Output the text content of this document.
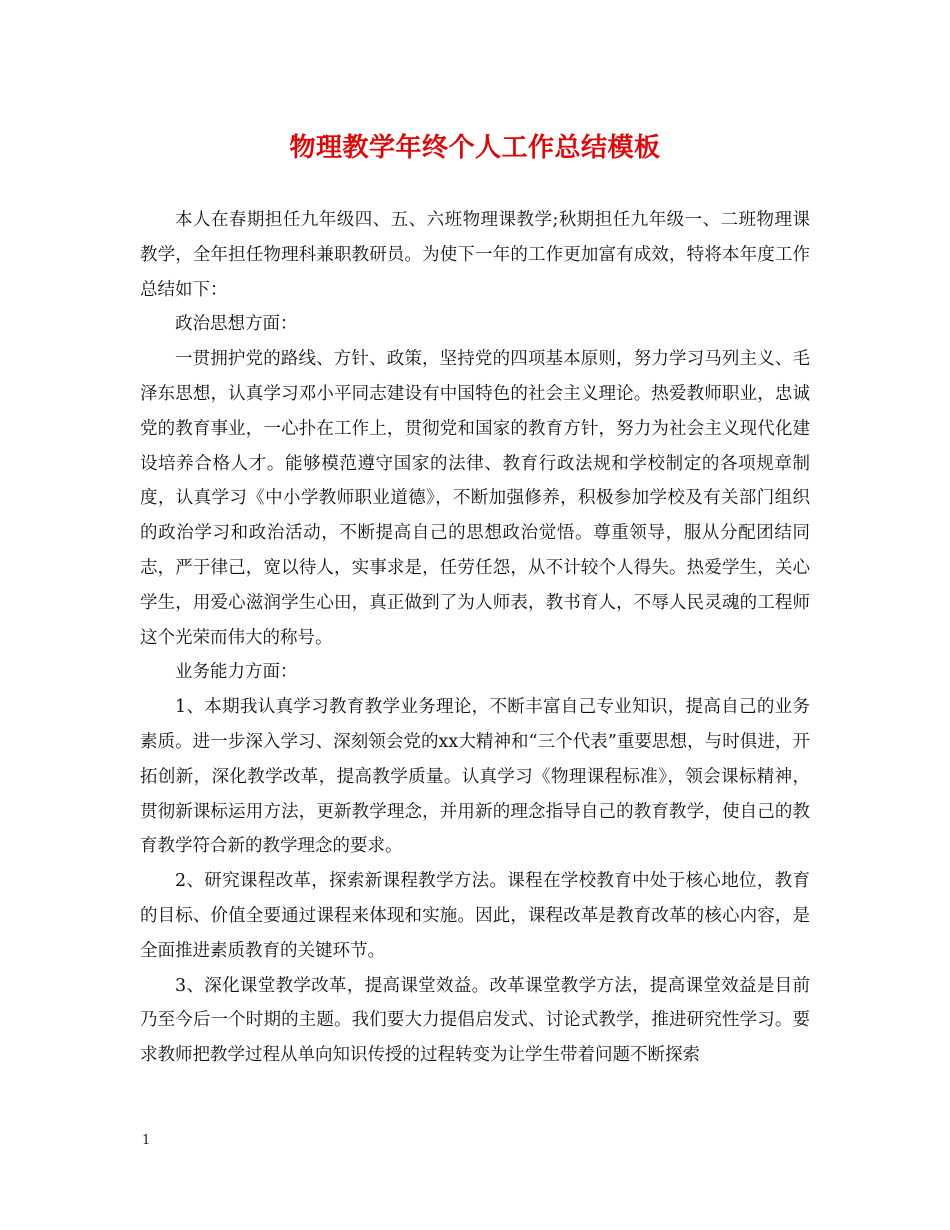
物理教学年终个人工作总结模板

本人在春期担任九年级四、五、六班物理课教学;秋期担任九年级一、二班物理课教学，全年担任物理科兼职教研员。为使下一年的工作更加富有成效，特将本年度工作总结如下：

政治思想方面：

一贯拥护党的路线、方针、政策，坚持党的四项基本原则，努力学习马列主义、毛泽东思想，认真学习邓小平同志建设有中国特色的社会主义理论。热爱教师职业，忠诚党的教育事业，一心扑在工作上，贯彻党和国家的教育方针，努力为社会主义现代化建设培养合格人才。能够模范遵守国家的法律、教育行政法规和学校制定的各项规章制度，认真学习《中小学教师职业道德》，不断加强修养，积极参加学校及有关部门组织的政治学习和政治活动，不断提高自己的思想政治觉悟。尊重领导，服从分配团结同志，严于律己，宽以待人，实事求是，任劳任怨，从不计较个人得失。热爱学生，关心学生，用爱心滋润学生心田，真正做到了为人师表，教书育人，不辱人民灵魂的工程师这个光荣而伟大的称号。

业务能力方面：

1、本期我认真学习教育教学业务理论，不断丰富自己专业知识，提高自己的业务素质。进一步深入学习、深刻领会党的xx大精神和“三个代表”重要思想，与时俱进，开拓创新，深化教学改革，提高教学质量。认真学习《物理课程标准》，领会课标精神，贯彻新课标运用方法，更新教学理念，并用新的理念指导自己的教育教学，使自己的教育教学符合新的教学理念的要求。

2、研究课程改革，探索新课程教学方法。课程在学校教育中处于核心地位，教育的目标、价值全要通过课程来体现和实施。因此，课程改革是教育改革的核心内容，是全面推进素质教育的关键环节。

3、深化课堂教学改革，提高课堂效益。改革课堂教学方法，提高课堂效益是目前乃至今后一个时期的主题。我们要大力提倡启发式、讨论式教学，推进研究性学习。要求教师把教学过程从单向知识传授的过程转变为让学生带着问题不断探索

1
